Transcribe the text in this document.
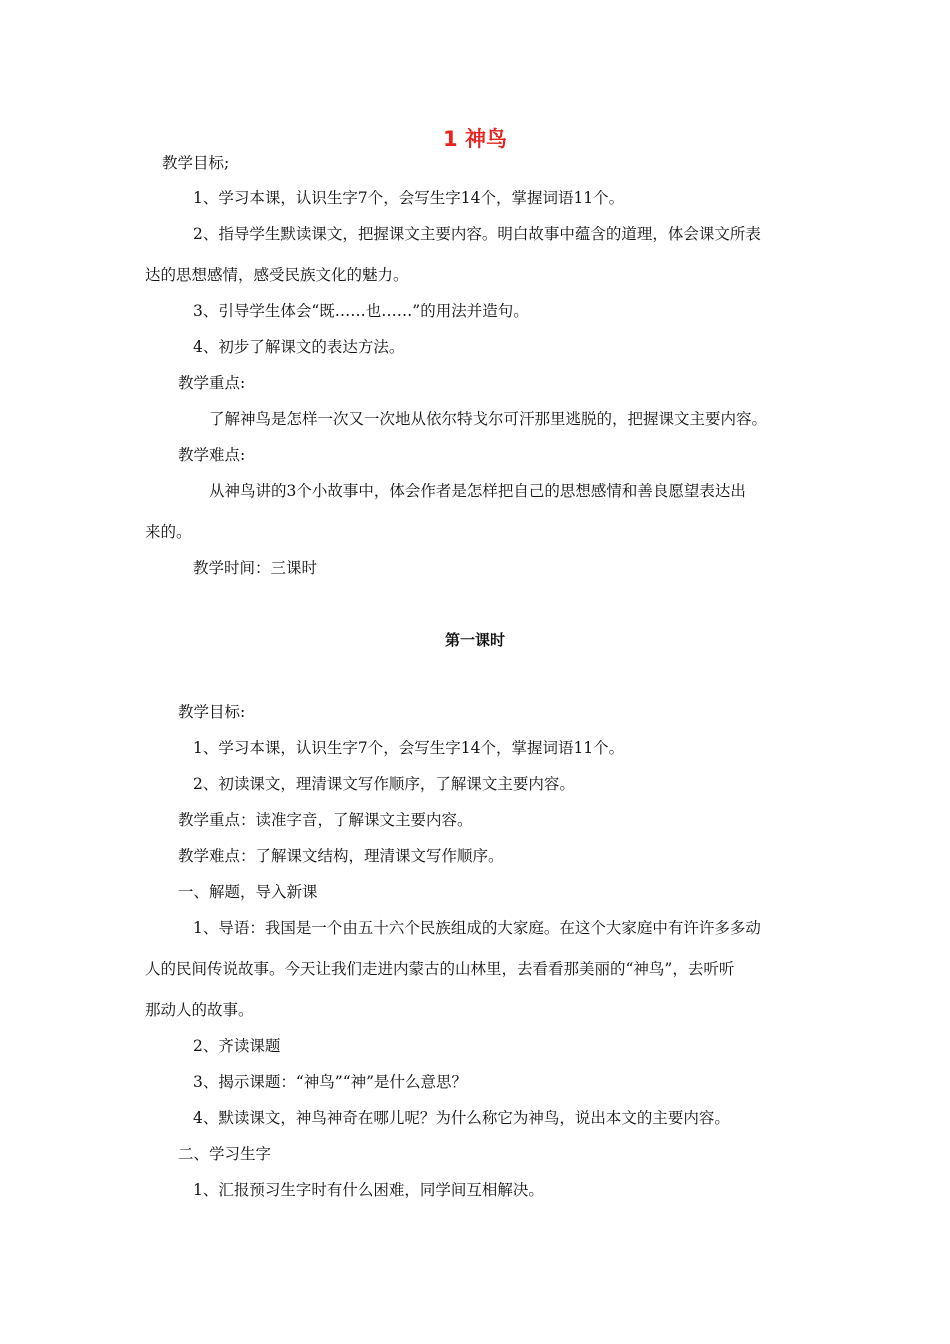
1 神鸟
教学目标;
1、学习本课，认识生字7个，会写生字14个，掌握词语11个。
2、指导学生默读课文，把握课文主要内容。明白故事中蕴含的道理，体会课文所表
达的思想感情，感受民族文化的魅力。
3、引导学生体会“既……也……”的用法并造句。
4、初步了解课文的表达方法。
教学重点:
了解神鸟是怎样一次又一次地从依尔特戈尔可汗那里逃脱的，把握课文主要内容。
教学难点:
从神鸟讲的3个小故事中，体会作者是怎样把自己的思想感情和善良愿望表达出
来的。
教学时间：三课时
第一课时
教学目标:
1、学习本课，认识生字7个，会写生字14个，掌握词语11个。
2、初读课文，理清课文写作顺序，了解课文主要内容。
教学重点：读准字音，了解课文主要内容。
教学难点：了解课文结构，理清课文写作顺序。
一、解题，导入新课
1、导语：我国是一个由五十六个民族组成的大家庭。在这个大家庭中有许许多多动
人的民间传说故事。今天让我们走进内蒙古的山林里，去看看那美丽的“神鸟”，去听听
那动人的故事。
2、齐读课题
3、揭示课题：“神鸟”“神”是什么意思？
4、默读课文，神鸟神奇在哪儿呢？为什么称它为神鸟，说出本文的主要内容。
二、学习生字
1、汇报预习生字时有什么困难，同学间互相解决。
